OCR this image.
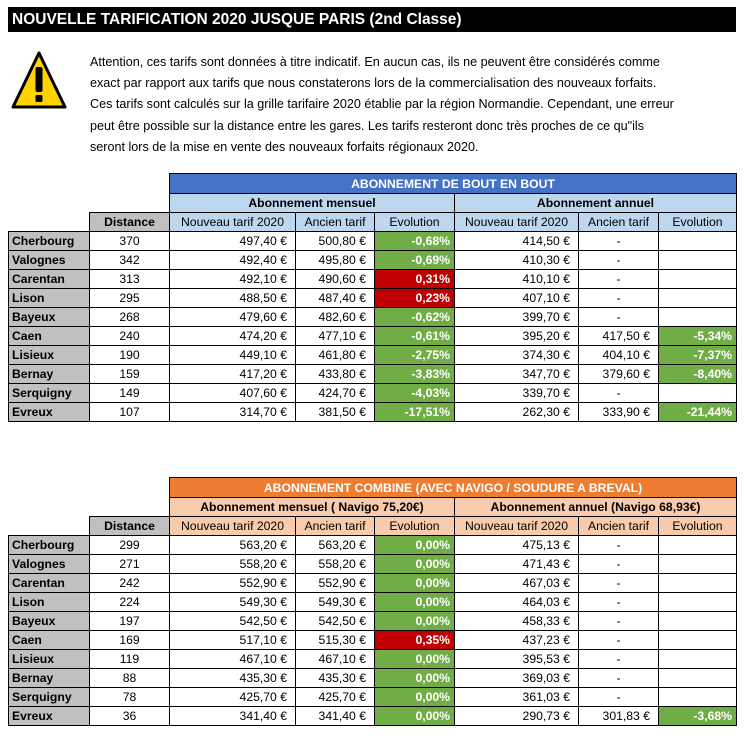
NOUVELLE TARIFICATION 2020 JUSQUE PARIS (2nd Classe)
Attention, ces tarifs sont données à titre indicatif. En aucun cas, ils ne peuvent être considérés comme
exact par rapport aux tarifs que nous constaterons lors de la commercialisation des nouveaux forfaits.
Ces tarifs sont calculés sur la grille tarifaire 2020 établie par la région Normandie. Cependant, une erreur
peut être possible sur la distance entre les gares. Les tarifs resteront donc très proches de ce qu"ils
seront lors de la mise en vente des nouveaux forfaits régionaux 2020.
		ABONNEMENT DE BOUT EN BOUT					
		Abonnement mensuel			Abonnement annuel		
	Distance	Nouveau tarif 2020	Ancien tarif	Evolution	Nouveau tarif 2020	Ancien tarif	Evolution
Cherbourg	370	497,40 €	500,80 €	-0,68%	414,50 €	-	
Valognes	342	492,40 €	495,80 €	-0,69%	410,30 €	-	
Carentan	313	492,10 €	490,60 €	0,31%	410,10 €	-	
Lison	295	488,50 €	487,40 €	0,23%	407,10 €	-	
Bayeux	268	479,60 €	482,60 €	-0,62%	399,70 €	-	
Caen	240	474,20 €	477,10 €	-0,61%	395,20 €	417,50 €	-5,34%
Lisieux	190	449,10 €	461,80 €	-2,75%	374,30 €	404,10 €	-7,37%
Bernay	159	417,20 €	433,80 €	-3,83%	347,70 €	379,60 €	-8,40%
Serquigny	149	407,60 €	424,70 €	-4,03%	339,70 €	-	
Evreux	107	314,70 €	381,50 €	-17,51%	262,30 €	333,90 €	-21,44%
		ABONNEMENT COMBINE (AVEC NAVIGO / SOUDURE A BREVAL)					
		Abonnement mensuel ( Navigo 75,20€)			Abonnement annuel (Navigo 68,93€)		
	Distance	Nouveau tarif 2020	Ancien tarif	Evolution	Nouveau tarif 2020	Ancien tarif	Evolution
Cherbourg	299	563,20 €	563,20 €	0,00%	475,13 €	-	
Valognes	271	558,20 €	558,20 €	0,00%	471,43 €	-	
Carentan	242	552,90 €	552,90 €	0,00%	467,03 €	-	
Lison	224	549,30 €	549,30 €	0,00%	464,03 €	-	
Bayeux	197	542,50 €	542,50 €	0,00%	458,33 €	-	
Caen	169	517,10 €	515,30 €	0,35%	437,23 €	-	
Lisieux	119	467,10 €	467,10 €	0,00%	395,53 €	-	
Bernay	88	435,30 €	435,30 €	0,00%	369,03 €	-	
Serquigny	78	425,70 €	425,70 €	0,00%	361,03 €	-	
Evreux	36	341,40 €	341,40 €	0,00%	290,73 €	301,83 €	-3,68%
